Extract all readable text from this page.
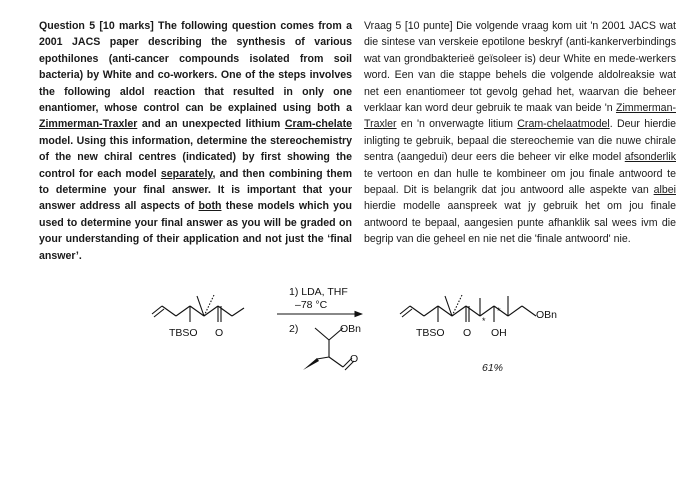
Question 5 [10 marks] The following question comes from a 2001 JACS paper describing the synthesis of various epothilones (anti-cancer compounds isolated from soil bacteria) by White and co-workers. One of the steps involves the following aldol reaction that resulted in only one enantiomer, whose control can be explained using both a Zimmerman-Traxler and an unexpected lithium Cram-chelate model. Using this information, determine the stereochemistry of the new chiral centres (indicated) by first showing the control for each model separately, and then combining them to determine your final answer. It is important that your answer address all aspects of both these models which you used to determine your final answer as you will be graded on your understanding of their application and not just the ‘final answer’.
Vraag 5 [10 punte] Die volgende vraag kom uit 'n 2001 JACS wat die sintese van verskeie epotilone beskryf (anti-kankerverbindings wat van grondbakterieë geïsoleer is) deur White en mede-werkers word. Een van die stappe behels die volgende aldolreaksie wat net een enantiomeer tot gevolg gehad het, waarvan die beheer verklaar kan word deur gebruik te maak van beide 'n Zimmerman-Traxler en 'n onverwagte litium Cram-chelaatmodel. Deur hierdie inligting te gebruik, bepaal die stereochemie van die nuwe chirale sentra (aangedui) deur eers die beheer vir elke model afsonderlik te vertoon en dan hulle te kombineer om jou finale antwoord te bepaal. Dit is belangrik dat jou antwoord alle aspekte van albei hierdie modelle aanspreek wat jy gebruik het om jou finale antwoord te bepaal, aangesien punte afhanklik sal wees ivm die begrip van die geheel en nie net die 'finale antwoord' nie.
TBSO O
1) LDA, THF
–78 °C
2)	OBn
O
TBSO O OH
OBn
*
*
61%
